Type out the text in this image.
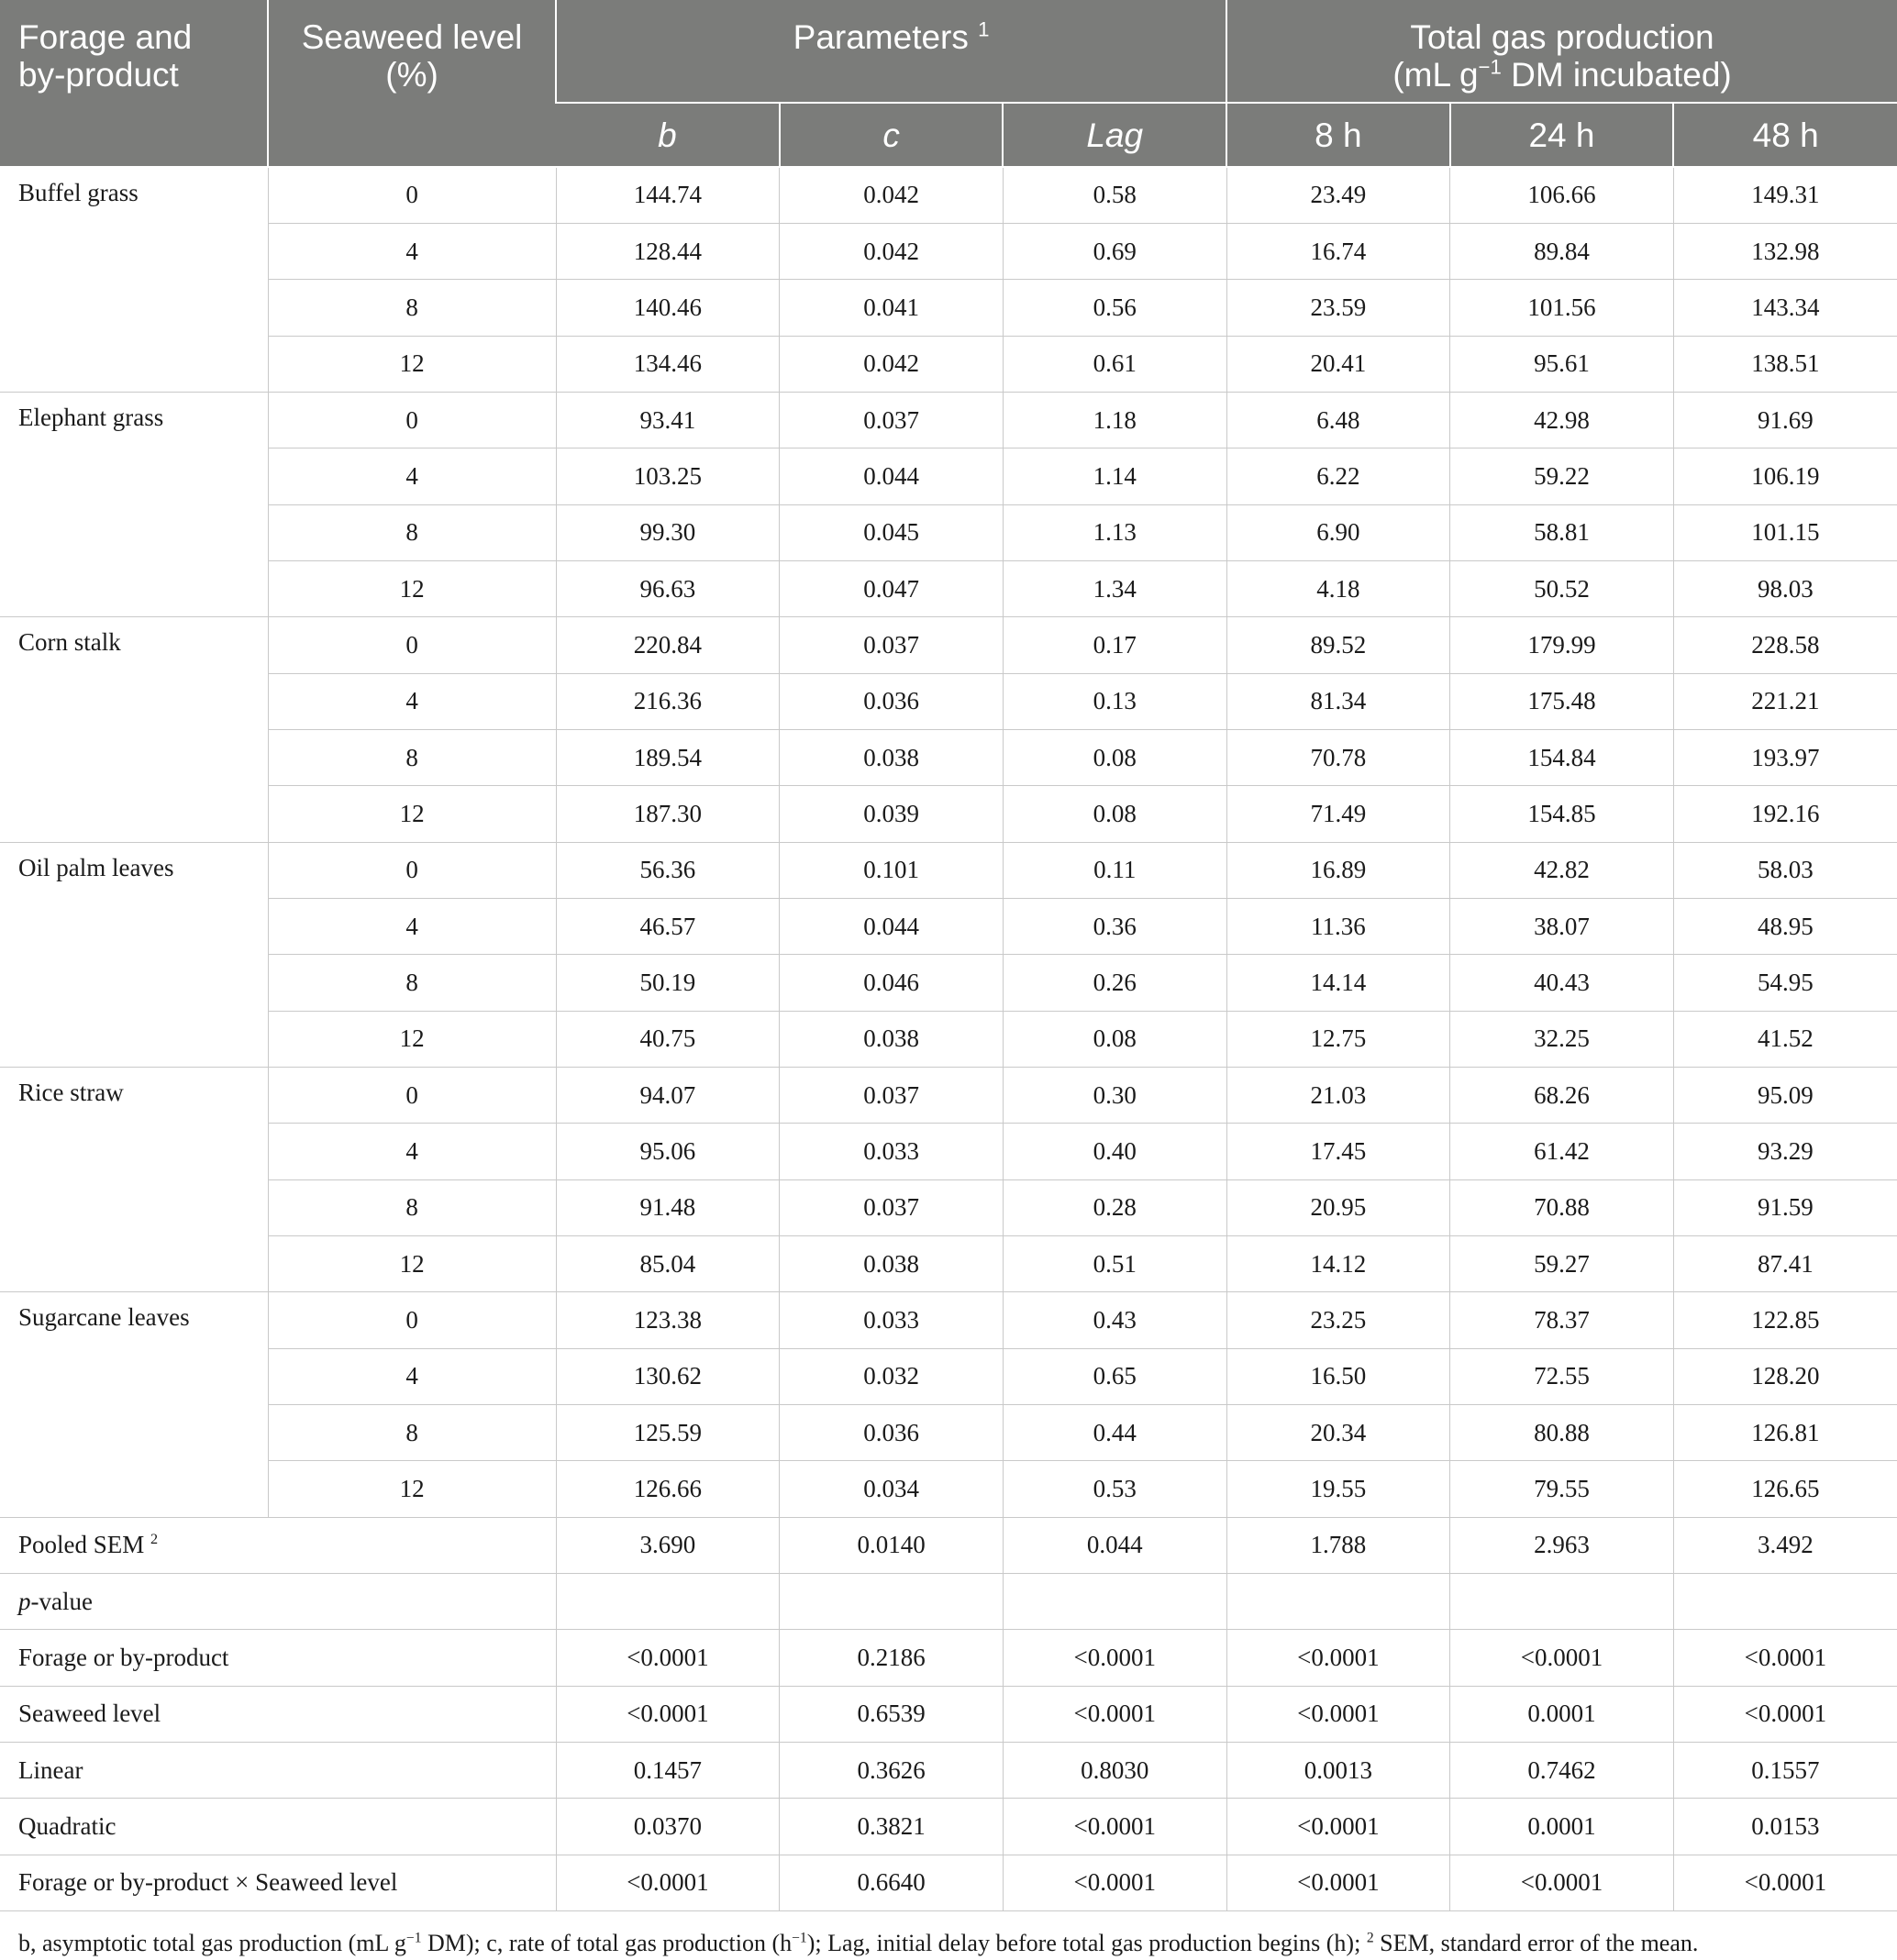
Forage and
by-product	Seaweed level
(%)	Parameters $^1$			Total gas production
(mL $g^{-1}$ DM incubated)		
		b	c	Lag	8 h	24 h	48 h
Buffel grass	0	144.74	0.042	0.58	23.49	106.66	149.31
	4	128.44	0.042	0.69	16.74	89.84	132.98
	8	140.46	0.041	0.56	23.59	101.56	143.34
	12	134.46	0.042	0.61	20.41	95.61	138.51
Elephant grass	0	93.41	0.037	1.18	6.48	42.98	91.69
	4	103.25	0.044	1.14	6.22	59.22	106.19
	8	99.30	0.045	1.13	6.90	58.81	101.15
	12	96.63	0.047	1.34	4.18	50.52	98.03
Corn stalk	0	220.84	0.037	0.17	89.52	179.99	228.58
	4	216.36	0.036	0.13	81.34	175.48	221.21
	8	189.54	0.038	0.08	70.78	154.84	193.97
	12	187.30	0.039	0.08	71.49	154.85	192.16
Oil palm leaves	0	56.36	0.101	0.11	16.89	42.82	58.03
	4	46.57	0.044	0.36	11.36	38.07	48.95
	8	50.19	0.046	0.26	14.14	40.43	54.95
	12	40.75	0.038	0.08	12.75	32.25	41.52
Rice straw	0	94.07	0.037	0.30	21.03	68.26	95.09
	4	95.06	0.033	0.40	17.45	61.42	93.29
	8	91.48	0.037	0.28	20.95	70.88	91.59
	12	85.04	0.038	0.51	14.12	59.27	87.41
Sugarcane leaves	0	123.38	0.033	0.43	23.25	78.37	122.85
	4	130.62	0.032	0.65	16.50	72.55	128.20
	8	125.59	0.036	0.44	20.34	80.88	126.81
	12	126.66	0.034	0.53	19.55	79.55	126.65
Pooled SEM $^2$		3.690	0.0140	0.044	1.788	2.963	3.492
p-value							
Forage or by-product		<0.0001	0.2186	<0.0001	<0.0001	<0.0001	<0.0001
Seaweed level		<0.0001	0.6539	<0.0001	<0.0001	0.0001	<0.0001
Linear		0.1457	0.3626	0.8030	0.0013	0.7462	0.1557
Quadratic		0.0370	0.3821	<0.0001	<0.0001	0.0001	0.0153
Forage or by-product × Seaweed level		<0.0001	0.6640	<0.0001	<0.0001	<0.0001	<0.0001
b, asymptotic total gas production (mL $g^{-1}$ DM); c, rate of total gas production $(h^{-1})$; Lag, initial delay before total gas production begins (h); $^2$ SEM, standard error of the mean.
